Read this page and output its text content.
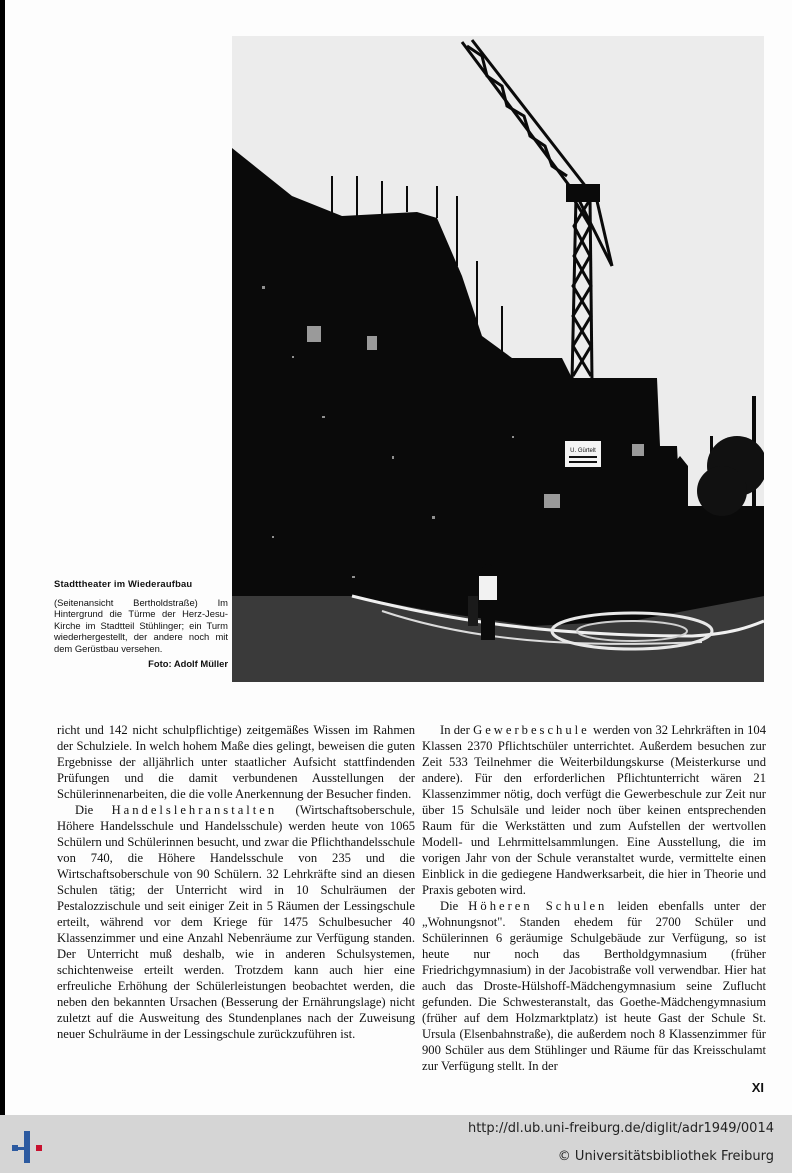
U. Gürtelt
Stadttheater im Wiederaufbau
(Seitenansicht Bertholdstraße) Im Hintergrund die Türme der Herz-Jesu-Kirche im Stadtteil Stühlinger; ein Turm wiederhergestellt, der andere noch mit dem Gerüstbau versehen.
Foto: Adolf Müller

richt und 142 nicht schulpflichtige) zeitgemäßes Wissen im Rahmen der Schulziele. In welch hohem Maße dies gelingt, beweisen die guten Ergebnisse der alljährlich unter staatlicher Aufsicht stattfindenden Prüfungen und die damit verbundenen Ausstellungen der Schülerinnenarbeiten, die die volle Anerkennung der Besucher finden.

Die Handelslehranstalten (Wirtschaftsoberschule, Höhere Handelsschule und Handelsschule) werden heute von 1065 Schülern und Schülerinnen besucht, und zwar die Pflichthandelsschule von 740, die Höhere Handelsschule von 235 und die Wirtschaftsoberschule von 90 Schülern. 32 Lehrkräfte sind an diesen Schulen tätig; der Unterricht wird in 10 Schulräumen der Pestalozzischule und seit einiger Zeit in 5 Räumen der Lessingschule erteilt, während vor dem Kriege für 1475 Schulbesucher 40 Klassenzimmer und eine Anzahl Nebenräume zur Verfügung standen. Der Unterricht muß deshalb, wie in anderen Schulsystemen, schichtenweise erteilt werden. Trotzdem kann auch hier eine erfreuliche Erhöhung der Schülerleistungen beobachtet werden, die neben den bekannten Ursachen (Besserung der Ernährungslage) nicht zuletzt auf die Ausweitung des Stundenplanes nach der Zuweisung neuer Schulräume in der Lessingschule zurückzuführen ist.

In der Gewerbeschule werden von 32 Lehrkräften in 104 Klassen 2370 Pflichtschüler unterrichtet. Außerdem besuchen zur Zeit 533 Teilnehmer die Weiterbildungskurse (Meisterkurse und andere). Für den erforderlichen Pflichtunterricht wären 21 Klassenzimmer nötig, doch verfügt die Gewerbeschule zur Zeit nur über 15 Schulsäle und leider noch über keinen entsprechenden Raum für die Werkstätten und zum Aufstellen der wertvollen Modell- und Lehrmittelsammlungen. Eine Ausstellung, die im vorigen Jahr von der Schule veranstaltet wurde, vermittelte einen Einblick in die gediegene Handwerksarbeit, die hier in Theorie und Praxis geboten wird.

Die Höheren Schulen leiden ebenfalls unter der „Wohnungsnot". Standen ehedem für 2700 Schüler und Schülerinnen 6 geräumige Schulgebäude zur Verfügung, so ist heute nur noch das Bertholdgymnasium (früher Friedrichgymnasium) in der Jacobistraße voll verwendbar. Hier hat auch das Droste-Hülshoff-Mädchengymnasium seine Zuflucht gefunden. Die Schwesteranstalt, das Goethe-Mädchengymnasium (früher auf dem Holzmarktplatz) ist heute Gast der Schule St. Ursula (Elsenbahnstraße), die außerdem noch 8 Klassenzimmer für 900 Schüler aus dem Stühlinger und Räume für das Kreisschulamt zur Verfügung stellt. In der

XI
http://dl.ub.uni-freiburg.de/diglit/adr1949/0014
© Universitätsbibliothek Freiburg
